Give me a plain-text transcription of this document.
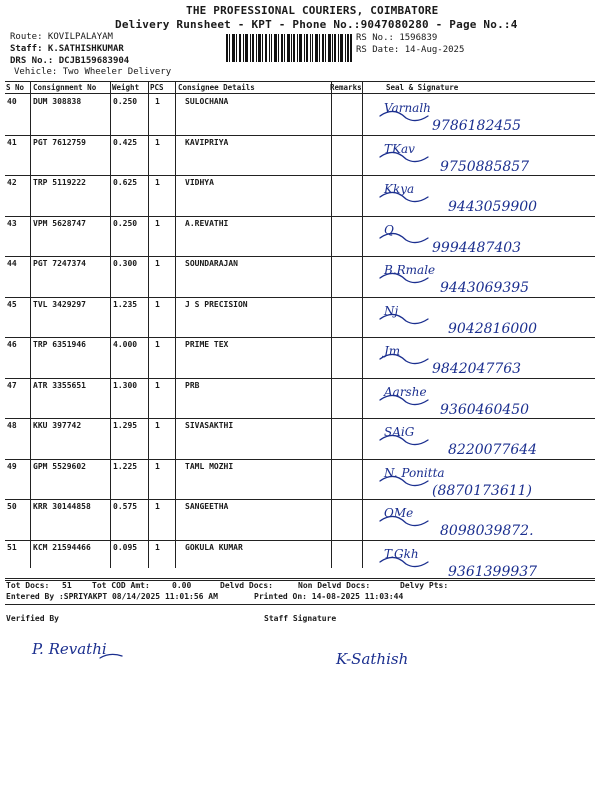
THE PROFESSIONAL COURIERS, COIMBATORE
Delivery Runsheet - KPT - Phone No.:9047080280 - Page No.:4
Route: KOVILPALAYAM
Staff: K.SATHISHKUMAR
DRS No.: DCJB159683904
Vehicle: Two Wheeler Delivery
RS No.: 1596839
RS Date: 14-Aug-2025
S No Consignment No Weight PCS Consignee Details	Remarks	Seal & Signature
40 DUM 308838	0.250 1	SULOCHANA	Varnalh
9786182455
41 PGT 7612759	0.425 1	KAVIPRIYA	TKav
9750885857
42 TRP 5119222	0.625 1	VIDHYA	Kkya
9443059900
43 VPM 5628747	0.250 1	A.REVATHI	Q
9994487403
44 PGT 7247374	0.300 1	SOUNDARAJAN	B.Rmale
9443069395
45 TVL 3429297	1.235 1	J S PRECISION	Nj
9042816000
46 TRP 6351946	4.000 1	PRIME TEX	Jm
9842047763
47 ATR 3355651	1.300 1	PRB	Aarshe
9360460450
48 KKU 397742	1.295 1	SIVASAKTHI	SAiG
8220077644
49 GPM 5529602	1.225 1	TAML MOZHI	N. Ponitta
(8870173611)
50 KRR 30144858	0.575 1	SANGEETHA	OMe
8098039872.
51 KCM 21594466	0.095 1	GOKULA KUMAR	T.Gkh
9361399937
Tot Docs: 51	Tot COD Amt:	0.00	Delvd Docs:	Non Delvd Docs:	Delvy Pts:
Entered By :SPRIYAKPT 08/14/2025 11:01:56 AM	Printed On: 14-08-2025 11:03:44
Verified By	Staff Signature
P. Revathi
K-Sathish
